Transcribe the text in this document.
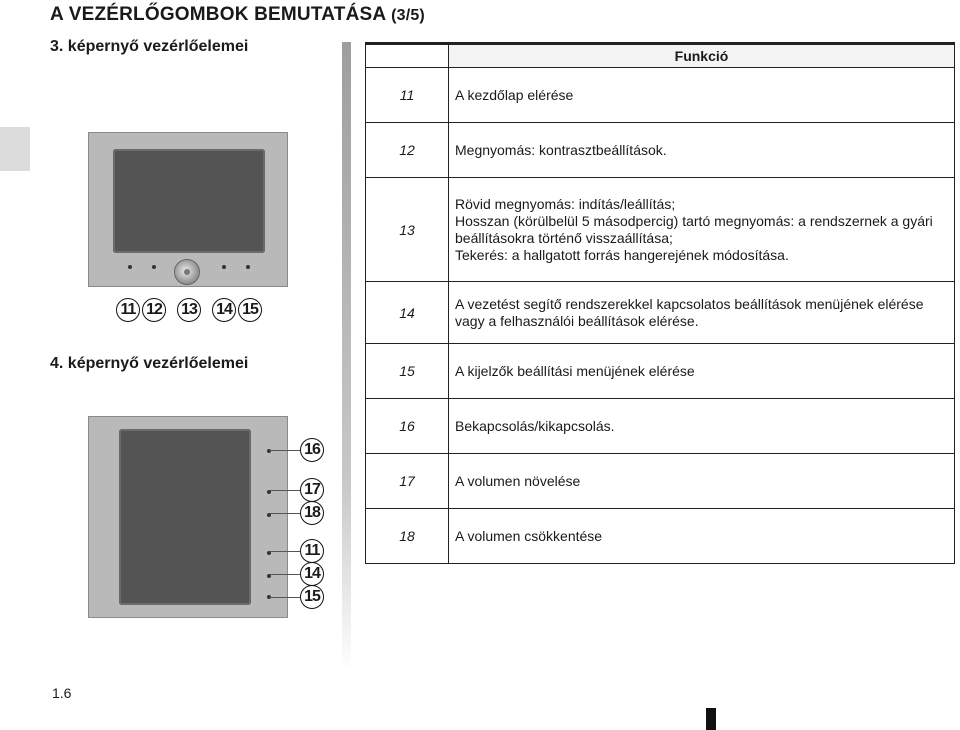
A VEZÉRLŐGOMBOK BEMUTATÁSA (3/5)
3. képernyő vezérlőelemei
4. képernyő vezérlőelemei
11 12 13 14 15
16
17
18
11
14
15
	Funkció
11	A kezdőlap elérése

12	Megnyomás: kontrasztbeállítások.

13	Rövid megnyomás: indítás/leállítás;
Hosszan (körülbelül 5 másodpercig) tartó megnyomás: a rendszernek a gyári
beállításokra történő visszaállítása;
Tekerés: a hallgatott forrás hangerejének módosítása.

14	A vezetést segítő rendszerekkel kapcsolatos beállítások menüjének elérése
vagy a felhasználói beállítások elérése.

15	A kijelzők beállítási menüjének elérése

16	Bekapcsolás/kikapcsolás.

17	A volumen növelése

18	A volumen csökkentése
1.6
